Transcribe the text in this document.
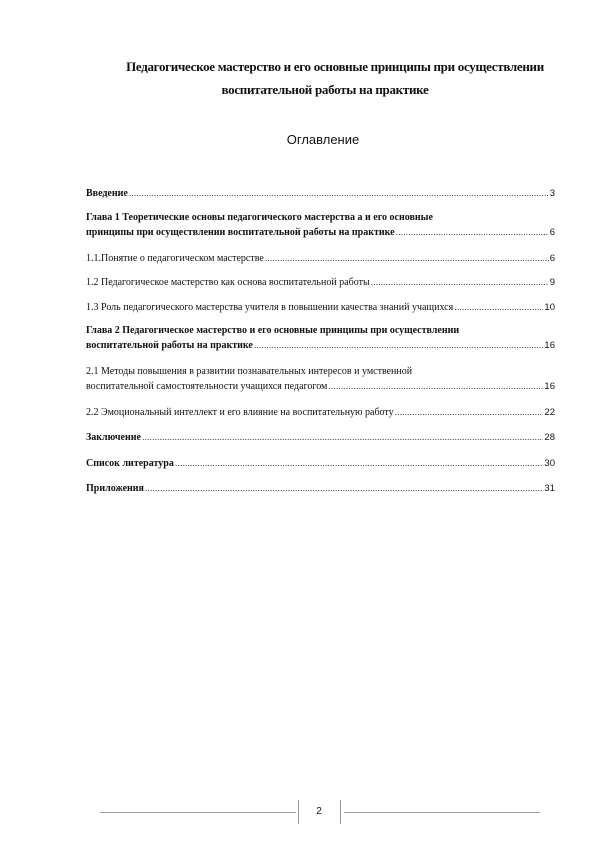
Педагогическое мастерство и его основные принципы при осуществлении
воспитательной работы на практике
Оглавление
Введение .....	3
Глава 1 Теоретические основы педагогического мастерства а и его основные
принципы при осуществлении воспитательной работы на практике .....	6
1.1.Понятие о педагогическом мастерстве .....	6
1.2 Педагогическое мастерство как основа воспитательной работы .....	9
1.3 Роль педагогического мастерства учителя в повышении качества знаний учащихся .....	10
Глава 2 Педагогическое мастерство и его основные принципы при осуществлении
воспитательной работы на практике .....	16
2.1 Методы повышения в развитии познавательных интересов и умственной
воспитательной самостоятельности учащихся педагогом .....	16
2.2 Эмоциональный интеллект и его влияние на воспитательную работу .....	22
Заключение .....	28
Список литература .....	30
Приложения .....	31
2
